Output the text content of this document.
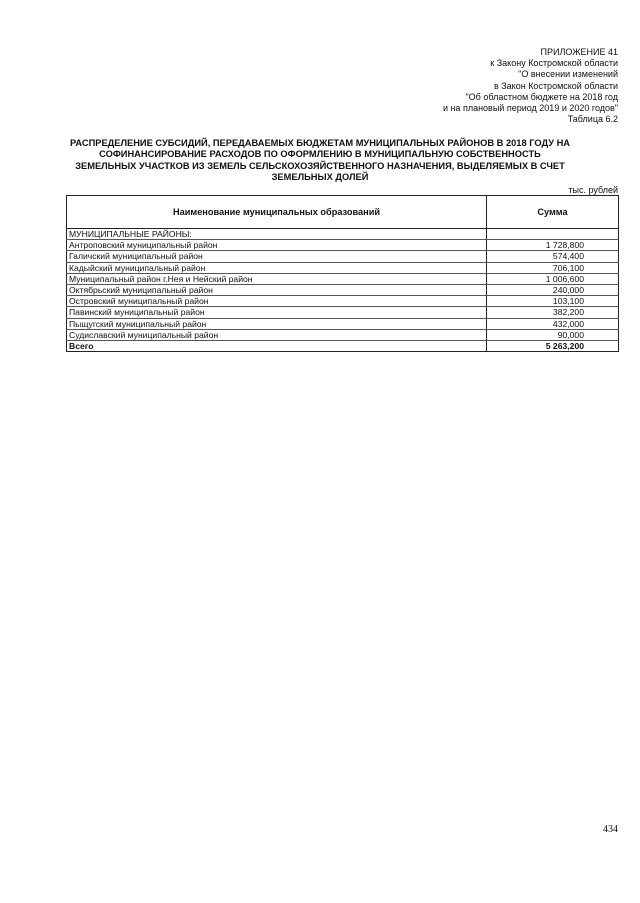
ПРИЛОЖЕНИЕ 41
к Закону Костромской области
"О внесении изменений
в Закон Костромской области
"Об областном бюджете на 2018 год
и на плановый период 2019 и 2020 годов"
Таблица 6.2
РАСПРЕДЕЛЕНИЕ СУБСИДИЙ, ПЕРЕДАВАЕМЫХ БЮДЖЕТАМ МУНИЦИПАЛЬНЫХ РАЙОНОВ В 2018 ГОДУ НА СОФИНАНСИРОВАНИЕ РАСХОДОВ ПО ОФОРМЛЕНИЮ В МУНИЦИПАЛЬНУЮ СОБСТВЕННОСТЬ ЗЕМЕЛЬНЫХ УЧАСТКОВ ИЗ ЗЕМЕЛЬ СЕЛЬСКОХОЗЯЙСТВЕННОГО НАЗНАЧЕНИЯ, ВЫДЕЛЯЕМЫХ В СЧЕТ ЗЕМЕЛЬНЫХ ДОЛЕЙ
тыс. рублей
Наименование муниципальных образований	Сумма
МУНИЦИПАЛЬНЫЕ РАЙОНЫ:	
Антроповский муниципальный район	1 728,800
Галичский муниципальный район	574,400
Кадыйский муниципальный район	706,100
Муниципальный район г.Нея и Нейский район	1 006,600
Октябрьский муниципальный район	240,000
Островский муниципальный район	103,100
Павинский муниципальный район	382,200
Пыщугский муниципальный район	432,000
Судиславский муниципальный район	90,000
Всего	5 263,200
434
